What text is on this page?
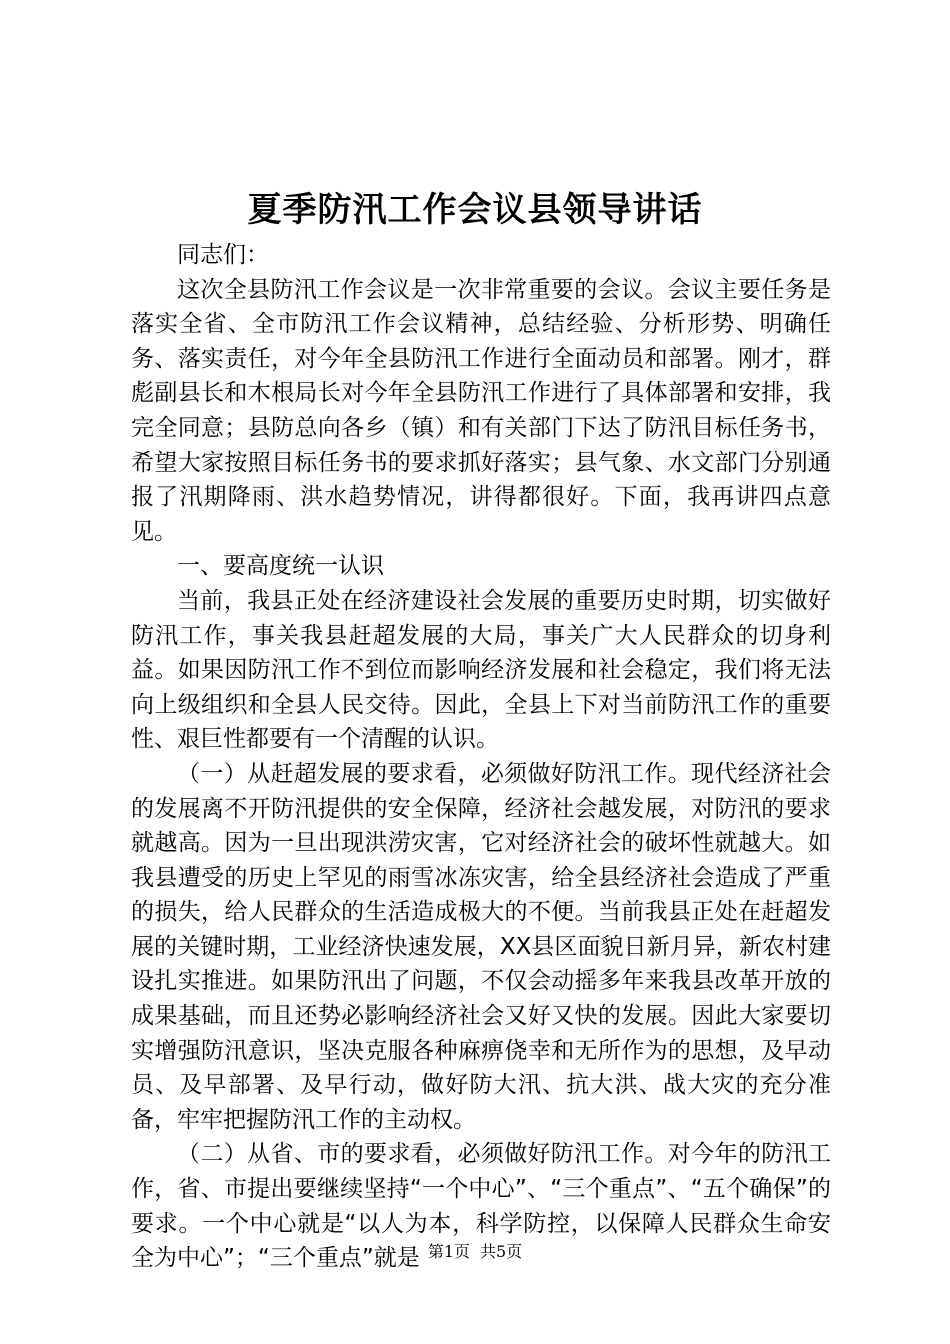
夏季防汛工作会议县领导讲话

同志们：

这次全县防汛工作会议是一次非常重要的会议。会议主要任务是落实全省、全市防汛工作会议精神，总结经验、分析形势、明确任务、落实责任，对今年全县防汛工作进行全面动员和部署。刚才，群彪副县长和木根局长对今年全县防汛工作进行了具体部署和安排，我完全同意；县防总向各乡（镇）和有关部门下达了防汛目标任务书，希望大家按照目标任务书的要求抓好落实；县气象、水文部门分别通报了汛期降雨、洪水趋势情况，讲得都很好。下面，我再讲四点意见。

一、要高度统一认识

当前，我县正处在经济建设社会发展的重要历史时期，切实做好防汛工作，事关我县赶超发展的大局，事关广大人民群众的切身利益。如果因防汛工作不到位而影响经济发展和社会稳定，我们将无法向上级组织和全县人民交待。因此，全县上下对当前防汛工作的重要性、艰巨性都要有一个清醒的认识。

（一）从赶超发展的要求看，必须做好防汛工作。现代经济社会的发展离不开防汛提供的安全保障，经济社会越发展，对防汛的要求就越高。因为一旦出现洪涝灾害，它对经济社会的破坏性就越大。如我县遭受的历史上罕见的雨雪冰冻灾害，给全县经济社会造成了严重的损失，给人民群众的生活造成极大的不便。当前我县正处在赶超发展的关键时期，工业经济快速发展，XX县区面貌日新月异，新农村建设扎实推进。如果防汛出了问题，不仅会动摇多年来我县改革开放的成果基础，而且还势必影响经济社会又好又快的发展。因此大家要切实增强防汛意识，坚决克服各种麻痹侥幸和无所作为的思想，及早动员、及早部署、及早行动，做好防大汛、抗大洪、战大灾的充分准备，牢牢把握防汛工作的主动权。

（二）从省、市的要求看，必须做好防汛工作。对今年的防汛工作，省、市提出要继续坚持“一个中心”、“三个重点”、“五个确保”的要求。一个中心就是“以人为本，科学防控，以保障人民群众生命安全为中心”；“三个重点”就是 第1页 共5页
